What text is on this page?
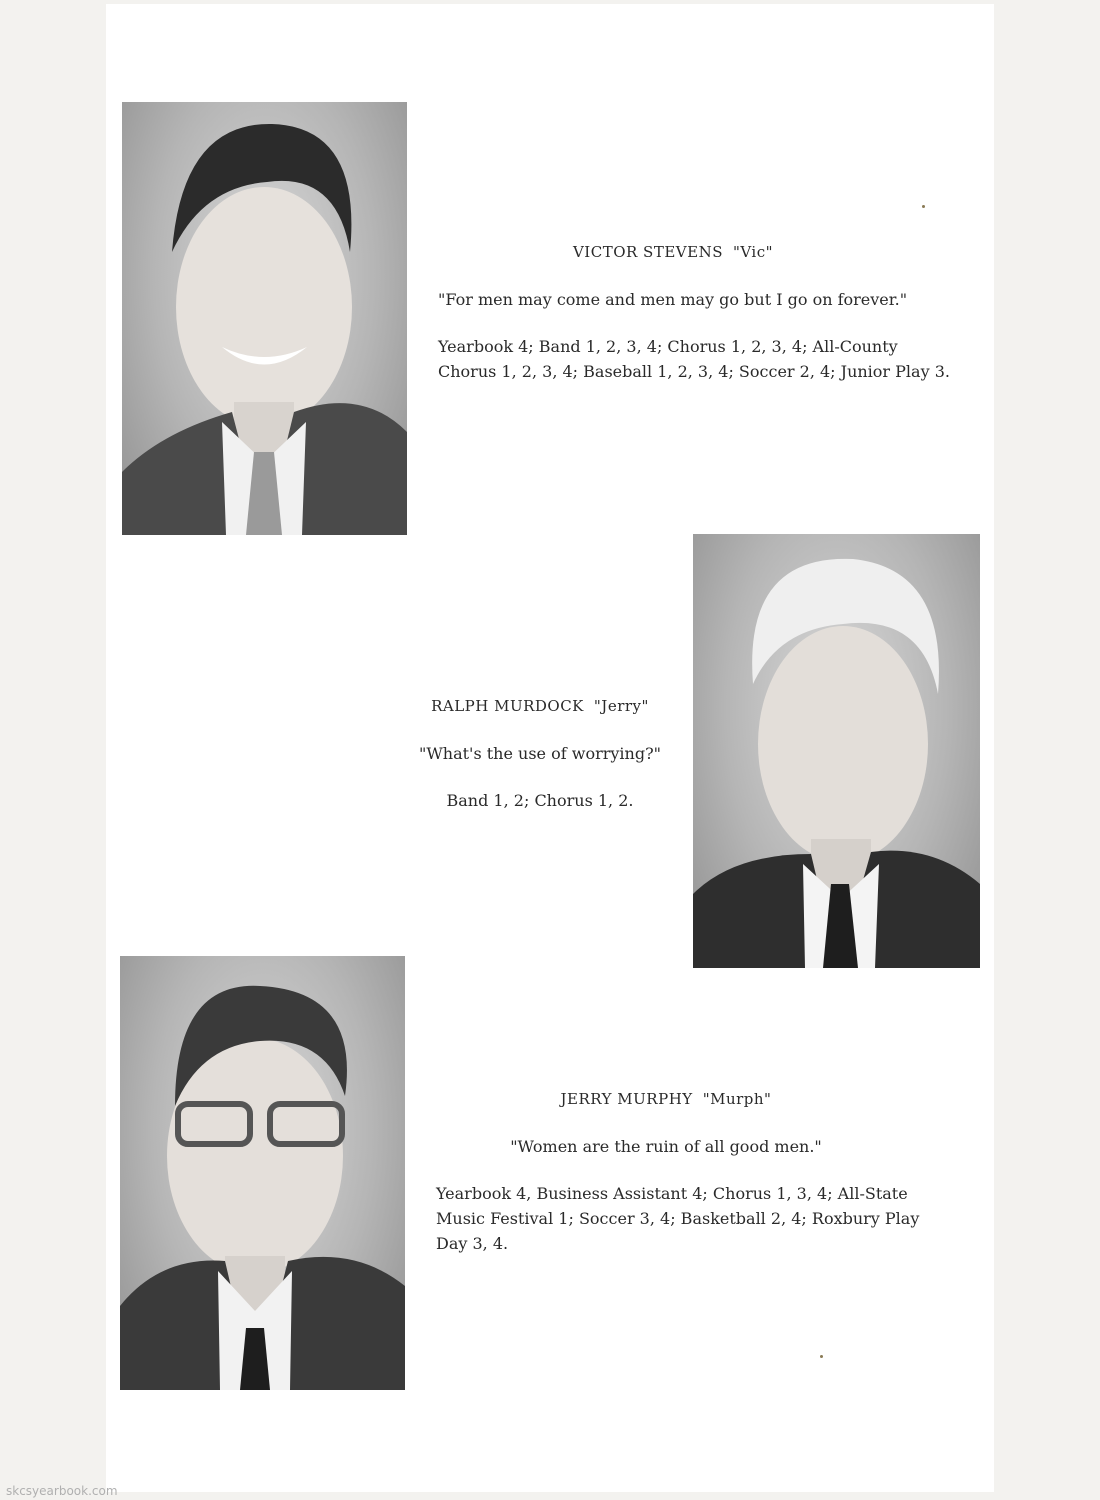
VICTOR STEVENS "Vic"

"For men may come and men may go but I go on forever."

Yearbook 4; Band 1, 2, 3, 4; Chorus 1, 2, 3, 4; All-County

Chorus 1, 2, 3, 4; Baseball 1, 2, 3, 4; Soccer 2, 4; Junior Play 3.

RALPH MURDOCK "Jerry"

"What's the use of worrying?"

Band 1, 2; Chorus 1, 2.

JERRY MURPHY "Murph"

"Women are the ruin of all good men."

Yearbook 4, Business Assistant 4; Chorus 1, 3, 4; All-State

Music Festival 1; Soccer 3, 4; Basketball 2, 4; Roxbury Play

Day 3, 4.

skcsyearbook.com
